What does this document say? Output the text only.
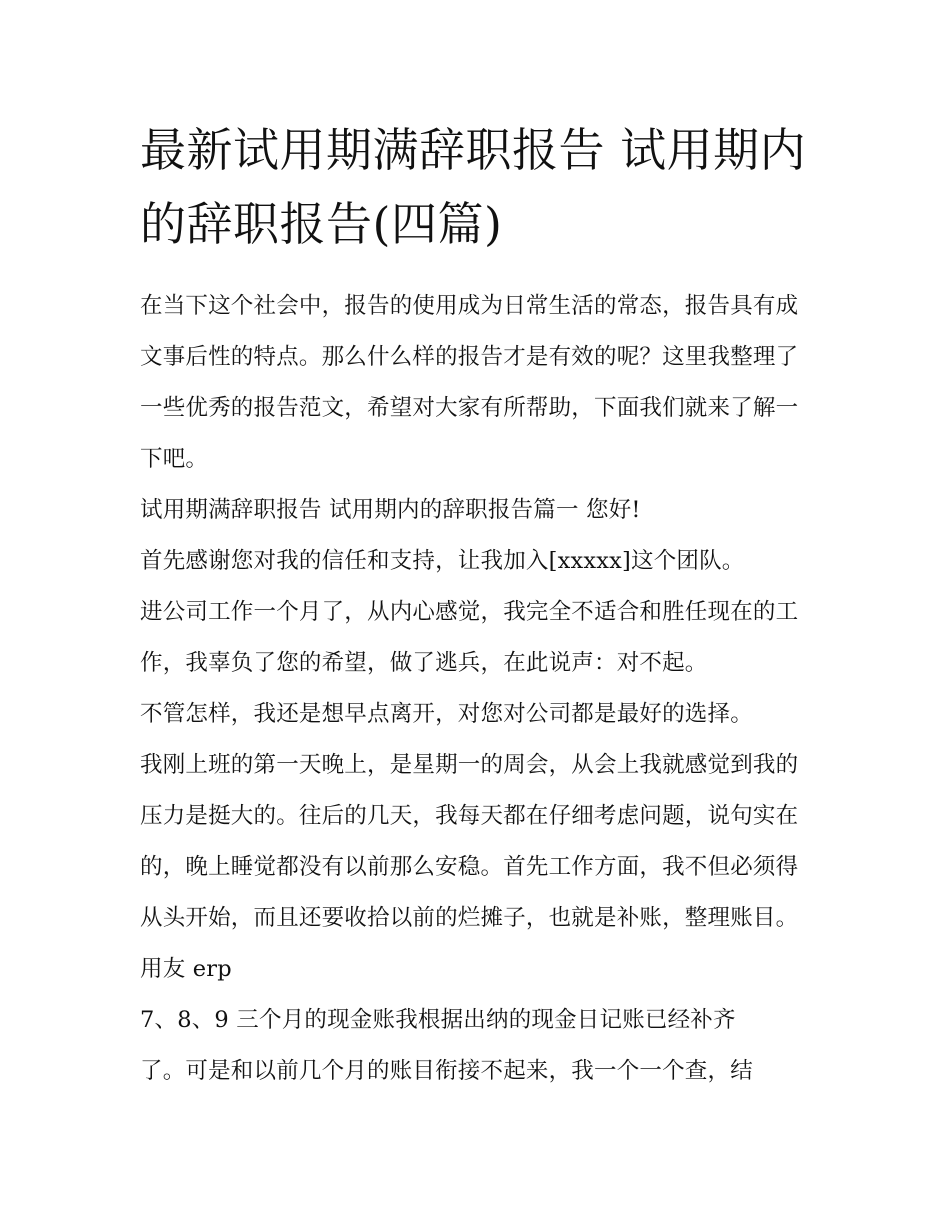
最新试用期满辞职报告 试用期内的辞职报告(四篇)

在当下这个社会中，报告的使用成为日常生活的常态，报告具有成文事后性的特点。那么什么样的报告才是有效的呢？这里我整理了一些优秀的报告范文，希望对大家有所帮助，下面我们就来了解一下吧。

试用期满辞职报告 试用期内的辞职报告篇一 您好!

首先感谢您对我的信任和支持，让我加入[xxxxx]这个团队。

进公司工作一个月了，从内心感觉，我完全不适合和胜任现在的工作，我辜负了您的希望，做了逃兵，在此说声：对不起。

不管怎样，我还是想早点离开，对您对公司都是最好的选择。

我刚上班的第一天晚上，是星期一的周会，从会上我就感觉到我的压力是挺大的。往后的几天，我每天都在仔细考虑问题，说句实在的，晚上睡觉都没有以前那么安稳。首先工作方面，我不但必须得从头开始，而且还要收拾以前的烂摊子，也就是补账，整理账目。用友 erp

7、8、9 三个月的现金账我根据出纳的现金日记账已经补齐

了。可是和以前几个月的账目衔接不起来，我一个一个查，结
